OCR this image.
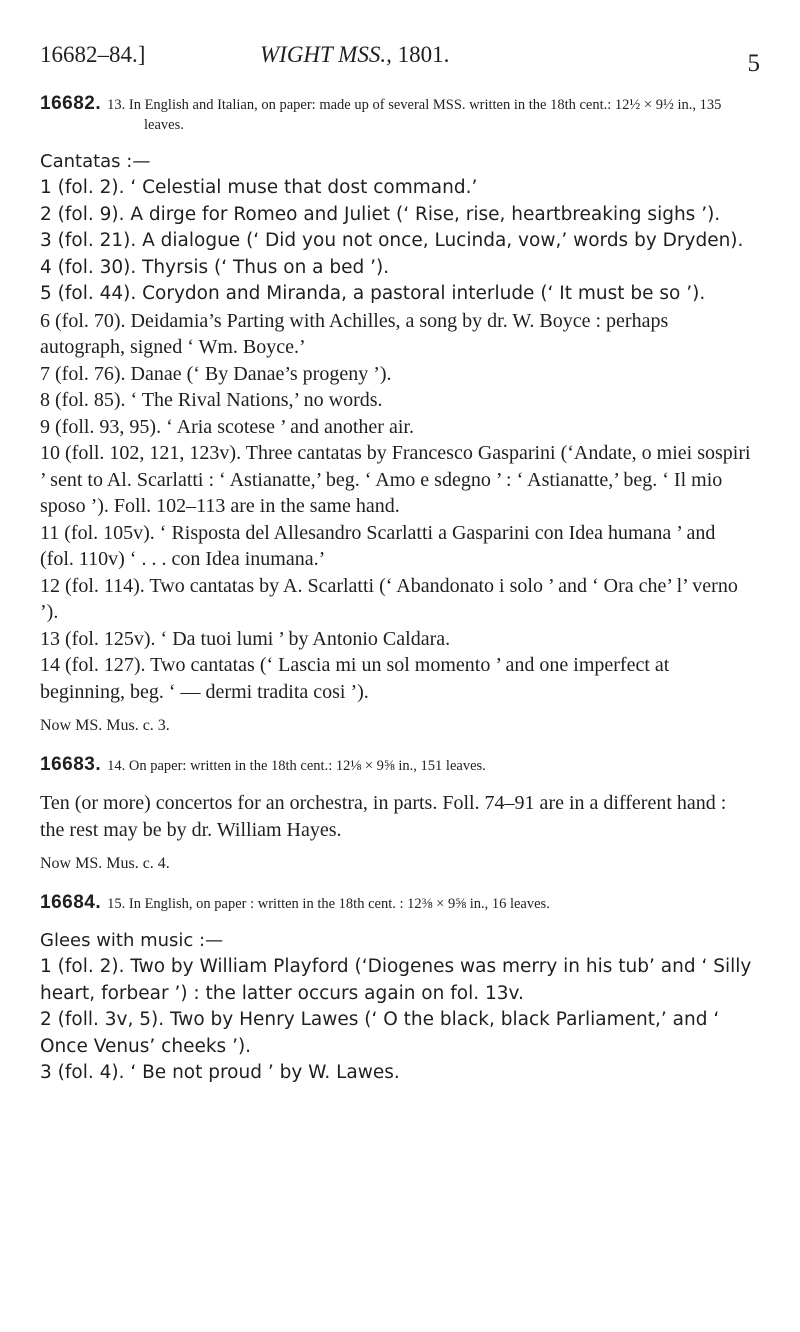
16682–84.]	WIGHT MSS., 1801.	5
16682. 13. In English and Italian, on paper: made up of several MSS. written in the 18th cent.: 12½ × 9½ in., 135 leaves.

Cantatas :—

1 (fol. 2). ‘ Celestial muse that dost command.’

2 (fol. 9). A dirge for Romeo and Juliet (‘ Rise, rise, heartbreaking sighs ’).

3 (fol. 21). A dialogue (‘ Did you not once, Lucinda, vow,’ words by Dryden).

4 (fol. 30). Thyrsis (‘ Thus on a bed ’).

5 (fol. 44). Corydon and Miranda, a pastoral interlude (‘ It must be so ’).

6 (fol. 70). Deidamia’s Parting with Achilles, a song by dr. W. Boyce : perhaps autograph, signed ‘ Wm. Boyce.’

7 (fol. 76). Danae (‘ By Danae’s progeny ’).

8 (fol. 85). ‘ The Rival Nations,’ no words.

9 (foll. 93, 95). ‘ Aria scotese ’ and another air.

10 (foll. 102, 121, 123v). Three cantatas by Francesco Gasparini (‘Andate, o miei sospiri ’ sent to Al. Scarlatti : ‘ Astianatte,’ beg. ‘ Amo e sdegno ’ : ‘ Astianatte,’ beg. ‘ Il mio sposo ’). Foll. 102–113 are in the same hand.

11 (fol. 105v). ‘ Risposta del Allesandro Scarlatti a Gasparini con Idea humana ’ and (fol. 110v) ‘ . . . con Idea inumana.’

12 (fol. 114). Two cantatas by A. Scarlatti (‘ Abandonato i solo ’ and ‘ Ora che’ l’ verno ’).

13 (fol. 125v). ‘ Da tuoi lumi ’ by Antonio Caldara.

14 (fol. 127). Two cantatas (‘ Lascia mi un sol momento ’ and one imperfect at beginning, beg. ‘ — dermi tradita cosi ’).

Now MS. Mus. c. 3.

16683. 14. On paper: written in the 18th cent.: 12⅛ × 9⅝ in., 151 leaves.

Ten (or more) concertos for an orchestra, in parts. Foll. 74–91 are in a different hand : the rest may be by dr. William Hayes.

Now MS. Mus. c. 4.

16684. 15. In English, on paper : written in the 18th cent. : 12⅜ × 9⅝ in., 16 leaves.

Glees with music :—

1 (fol. 2). Two by William Playford (‘Diogenes was merry in his tub’ and ‘ Silly heart, forbear ’) : the latter occurs again on fol. 13v.

2 (foll. 3v, 5). Two by Henry Lawes (‘ O the black, black Parliament,’ and ‘ Once Venus’ cheeks ’).

3 (fol. 4). ‘ Be not proud ’ by W. Lawes.
